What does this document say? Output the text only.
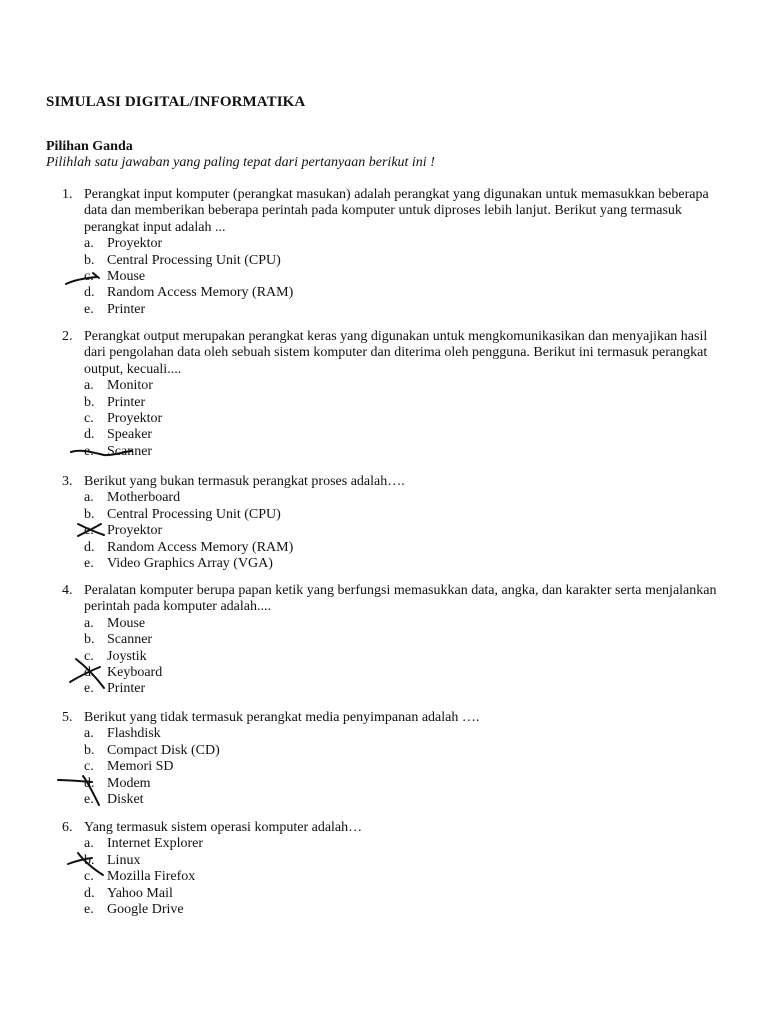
SIMULASI DIGITAL/INFORMATIKA
Pilihan Ganda
Pilihlah satu jawaban yang paling tepat dari pertanyaan berikut ini !
1. Perangkat input komputer (perangkat masukan) adalah perangkat yang digunakan untuk memasukkan beberapa data dan memberikan beberapa perintah pada komputer untuk diproses lebih lanjut. Berikut yang termasuk perangkat input adalah ...
a. Proyektor
b. Central Processing Unit (CPU)
c. Mouse
d. Random Access Memory (RAM)
e. Printer
2. Perangkat output merupakan perangkat keras yang digunakan untuk mengkomunikasikan dan menyajikan hasil dari pengolahan data oleh sebuah sistem komputer dan diterima oleh pengguna. Berikut ini termasuk perangkat output, kecuali....
a. Monitor
b. Printer
c. Proyektor
d. Speaker
e. Scanner
3. Berikut yang bukan termasuk perangkat proses adalah….
a. Motherboard
b. Central Processing Unit (CPU)
c. Proyektor
d. Random Access Memory (RAM)
e. Video Graphics Array (VGA)
4. Peralatan komputer berupa papan ketik yang berfungsi memasukkan data, angka, dan karakter serta menjalankan perintah pada komputer adalah....
a. Mouse
b. Scanner
c. Joystik
d. Keyboard
e. Printer
5. Berikut yang tidak termasuk perangkat media penyimpanan adalah ….
a. Flashdisk
b. Compact Disk (CD)
c. Memori SD
d. Modem
e. Disket
6. Yang termasuk sistem operasi komputer adalah…
a. Internet Explorer
b. Linux
c. Mozilla Firefox
d. Yahoo Mail
e. Google Drive
